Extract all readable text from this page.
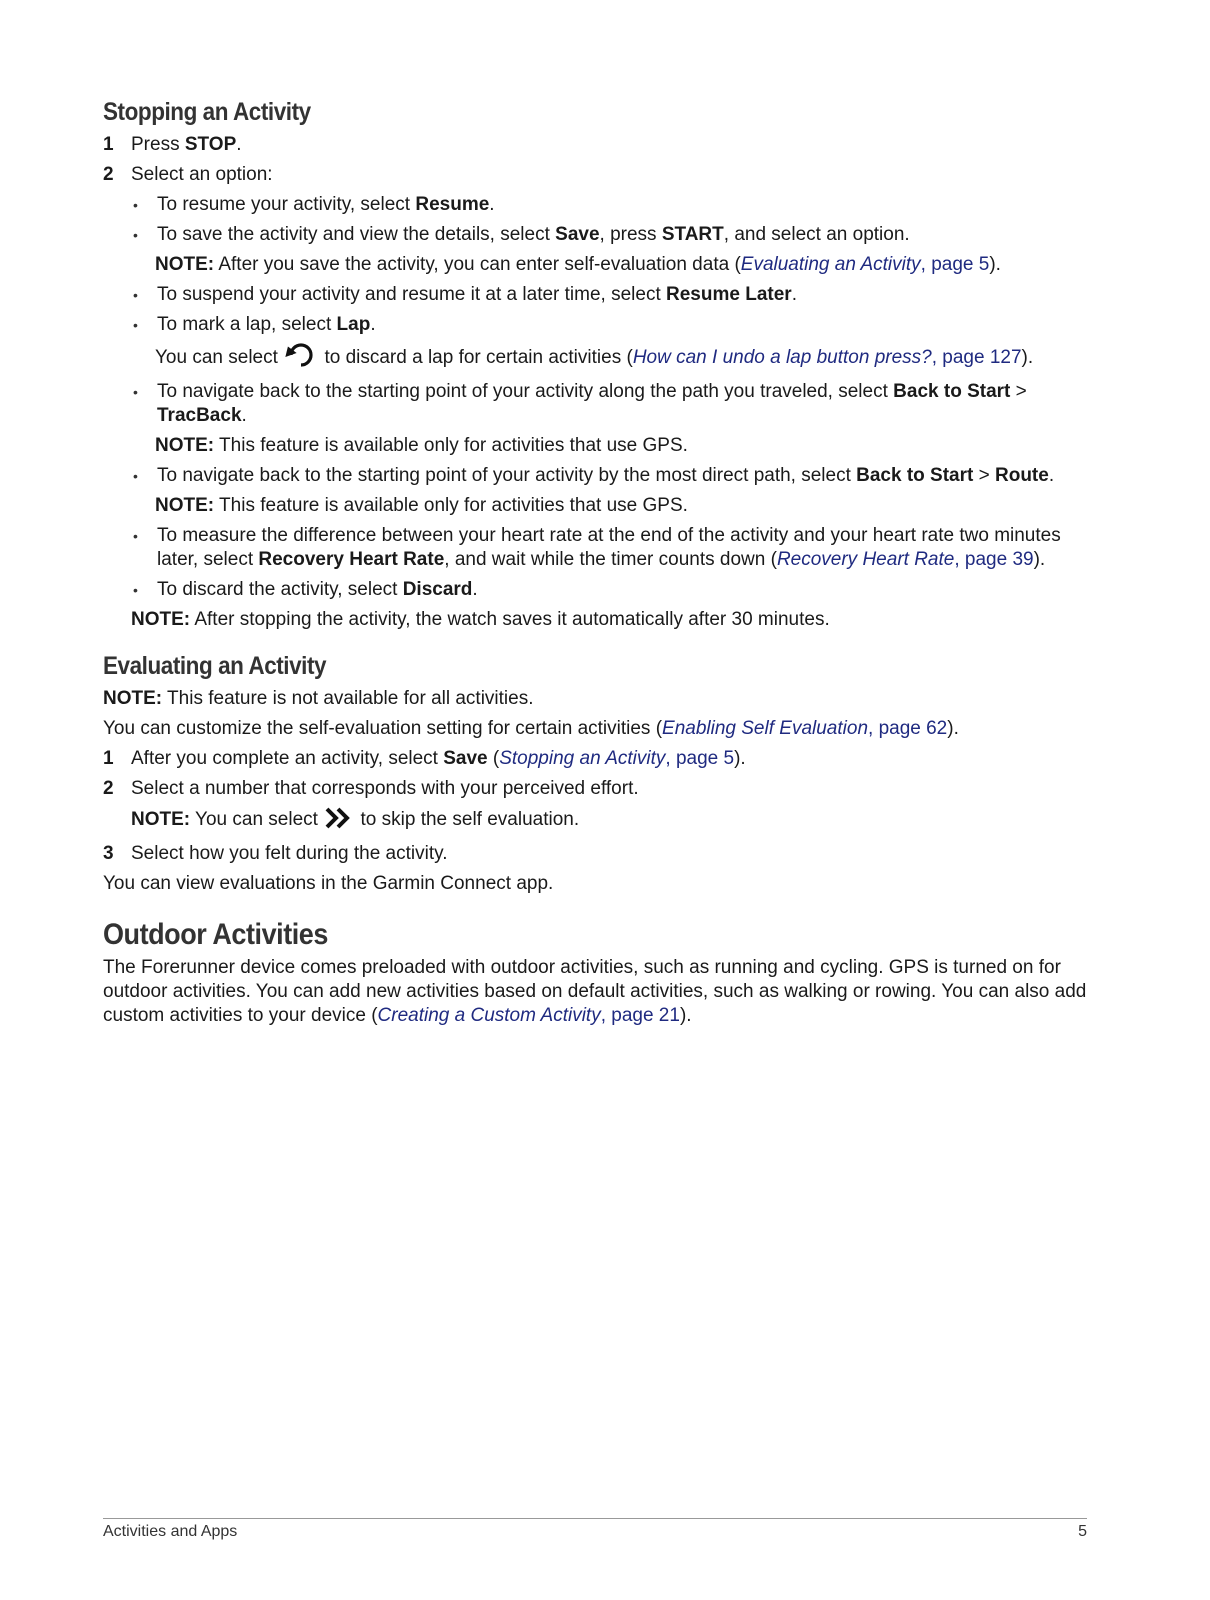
Stopping an Activity
1 Press STOP.
2 Select an option:
•	To resume your activity, select Resume.
•	To save the activity and view the details, select Save, press START, and select an option.
NOTE: After you save the activity, you can enter self-evaluation data (Evaluating an Activity, page 5).
•	To suspend your activity and resume it at a later time, select Resume Later.
•	To mark a lap, select Lap.
You can select  to discard a lap for certain activities (How can I undo a lap button press?, page 127).
•	To navigate back to the starting point of your activity along the path you traveled, select Back to Start > TracBack.
NOTE: This feature is available only for activities that use GPS.
•	To navigate back to the starting point of your activity by the most direct path, select Back to Start > Route.
NOTE: This feature is available only for activities that use GPS.
•	To measure the difference between your heart rate at the end of the activity and your heart rate two minutes later, select Recovery Heart Rate, and wait while the timer counts down (Recovery Heart Rate, page 39).
•	To discard the activity, select Discard.
NOTE: After stopping the activity, the watch saves it automatically after 30 minutes.
Evaluating an Activity

NOTE: This feature is not available for all activities.

You can customize the self-evaluation setting for certain activities (Enabling Self Evaluation, page 62).

1 After you complete an activity, select Save (Stopping an Activity, page 5).
2 Select a number that corresponds with your perceived effort.
NOTE: You can select  to skip the self evaluation.
3 Select how you felt during the activity.

You can view evaluations in the Garmin Connect app.

Outdoor Activities

The Forerunner device comes preloaded with outdoor activities, such as running and cycling. GPS is turned on for outdoor activities. You can add new activities based on default activities, such as walking or rowing. You can also add custom activities to your device (Creating a Custom Activity, page 21).

Activities and Apps	5
